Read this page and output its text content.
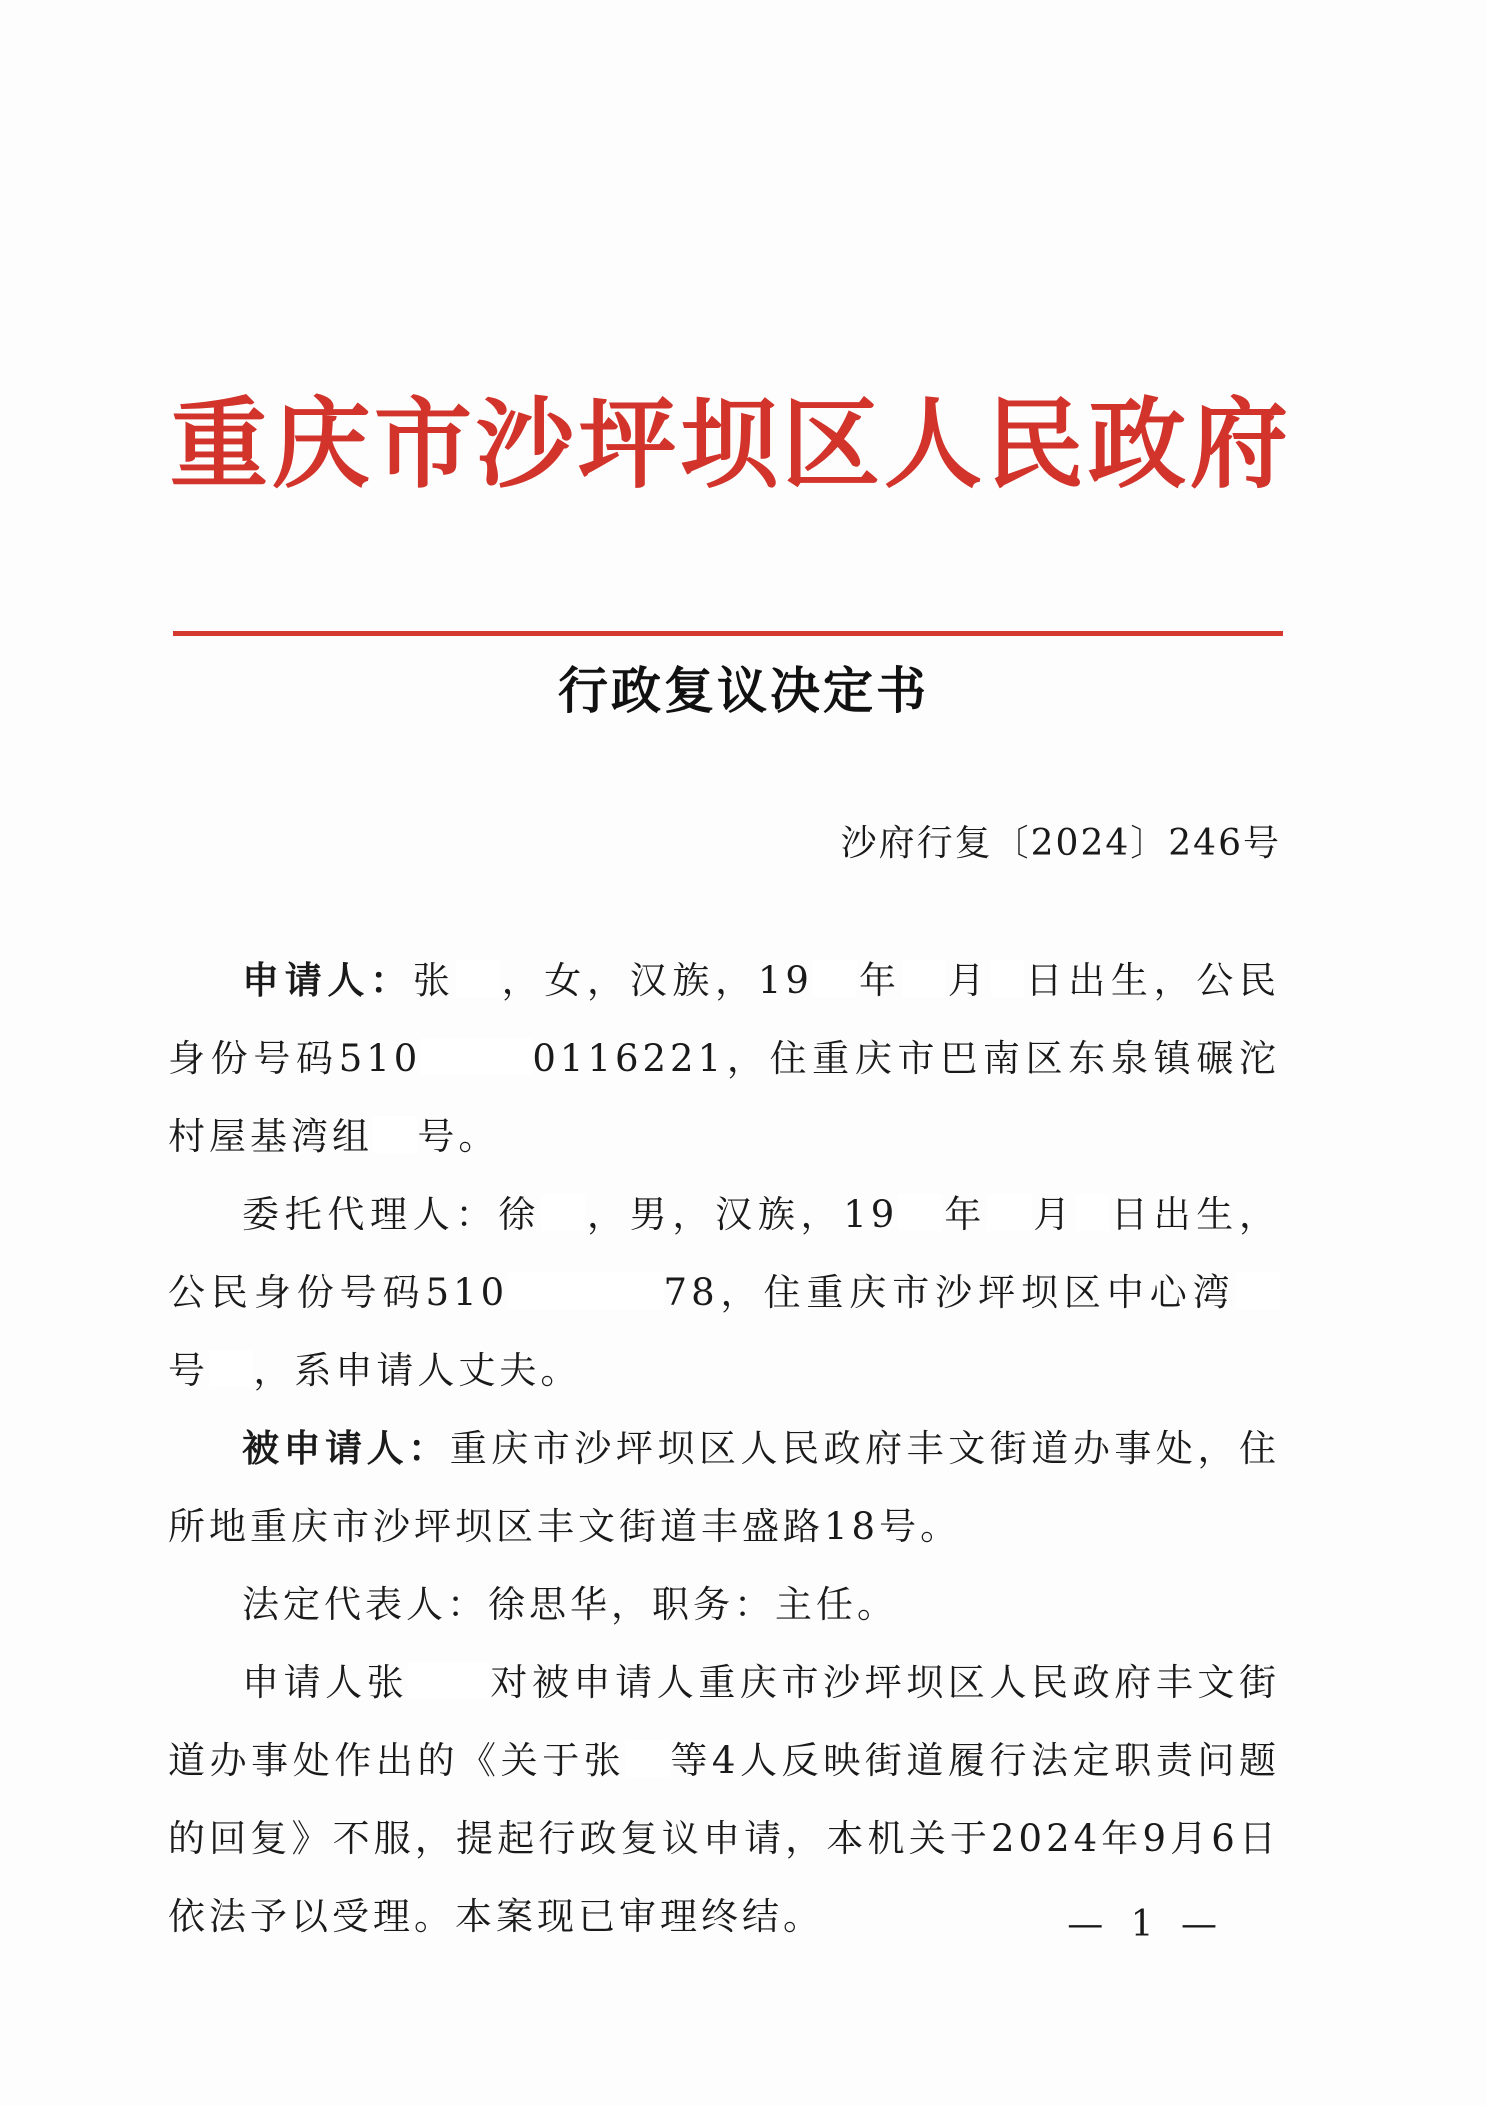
重庆市沙坪坝区人民政府
行政复议决定书
沙府行复〔2024〕246号

申请人：张 ，女，汉族，19 年 月 日出生，公民身份号码510	0116221，住重庆市巴南区东泉镇碾沱村屋基湾组 号。

委托代理人：徐 ，男，汉族，19 年 月 日出生，公民身份号码510	78，住重庆市沙坪坝区中心湾号 ，系申请人丈夫。

被申请人：重庆市沙坪坝区人民政府丰文街道办事处，住所地重庆市沙坪坝区丰文街道丰盛路18号。

法定代表人：徐思华，职务：主任。

申请人张 对被申请人重庆市沙坪坝区人民政府丰文街道办事处作出的《关于张 等4人反映街道履行法定职责问题的回复》不服，提起行政复议申请，本机关于2024年9月6日依法予以受理。本案现已审理终结。	— 1 —
